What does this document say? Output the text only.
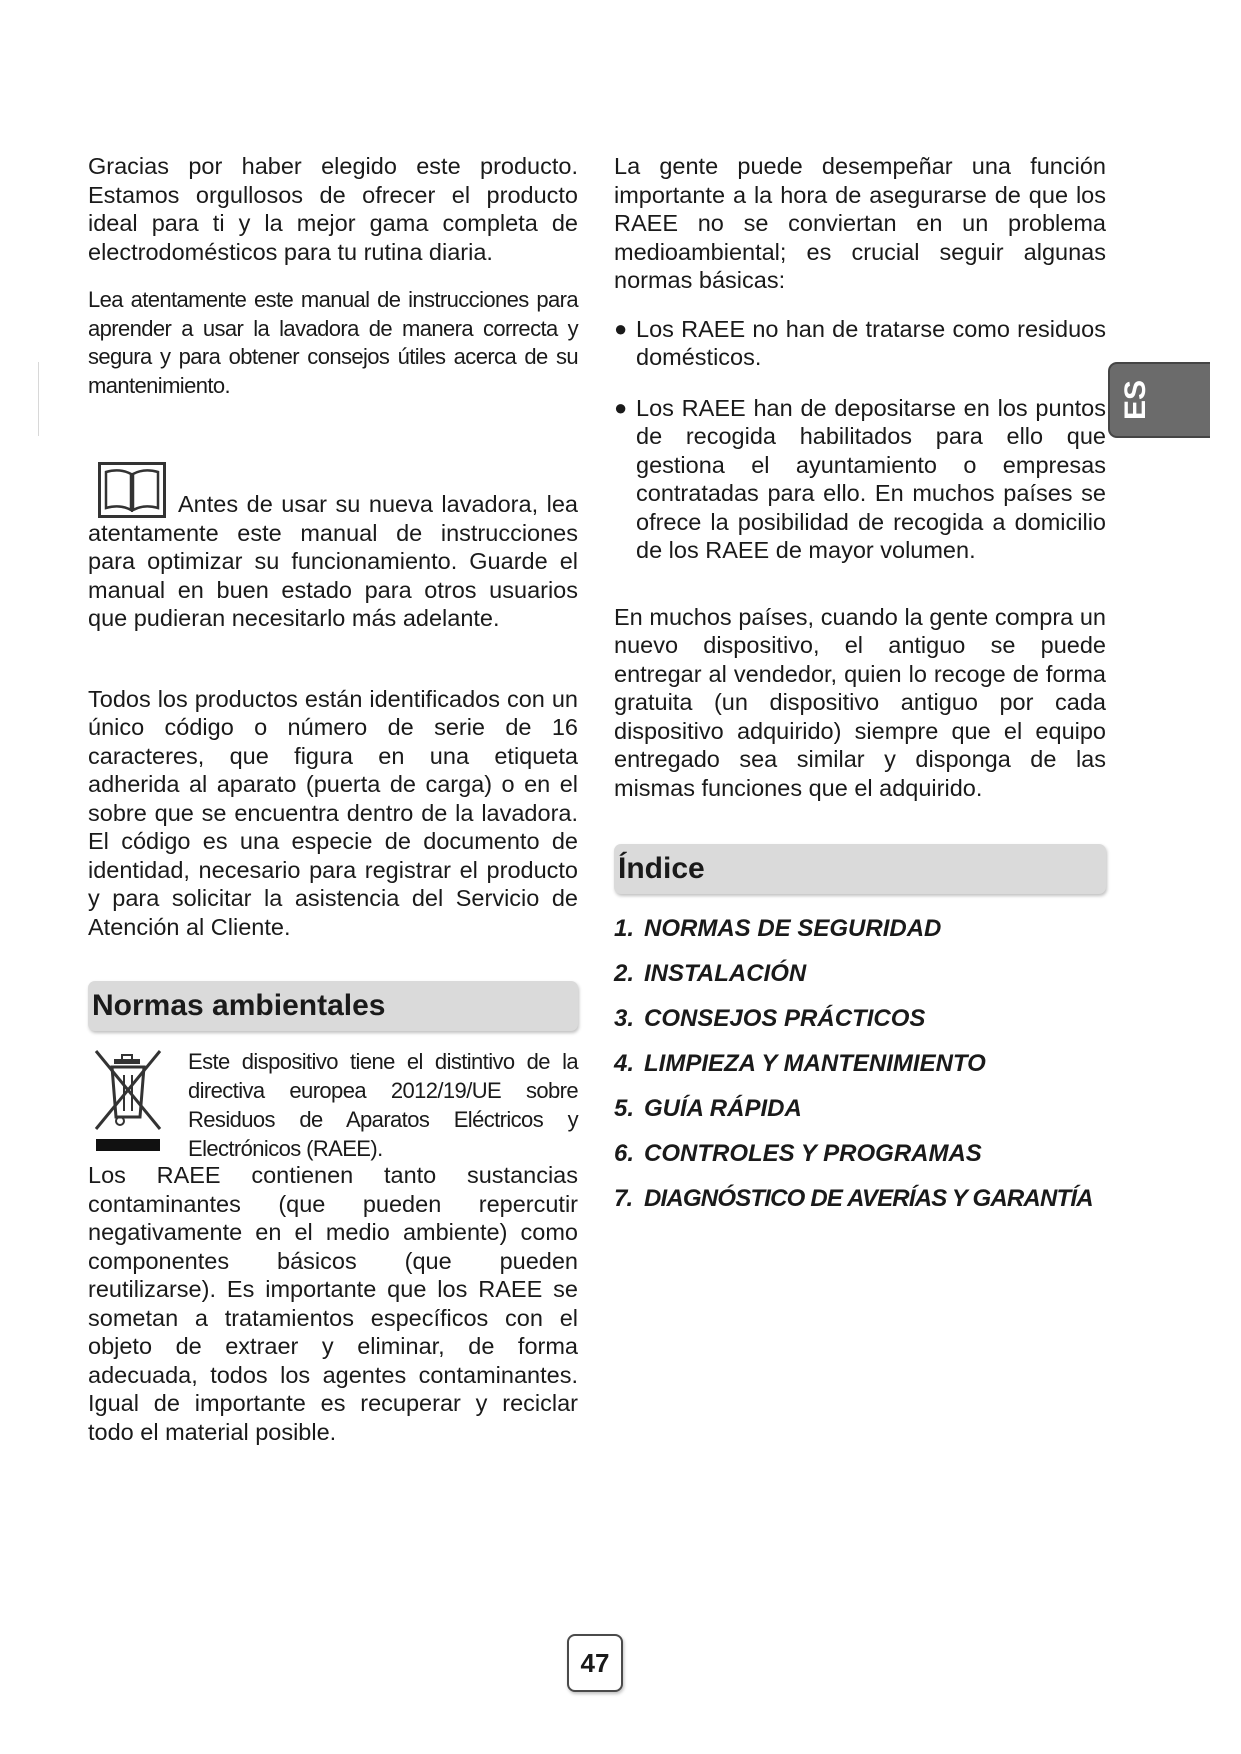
Gracias por haber elegido este producto. Estamos orgullosos de ofrecer el producto ideal para ti y la mejor gama completa de electrodomésticos para tu rutina diaria.

Lea atentamente este manual de instrucciones para aprender a usar la lavadora de manera correcta y segura y para obtener consejos útiles acerca de su mantenimiento.

Antes de usar su nueva lavadora, lea atentamente este manual de instrucciones para optimizar su funcionamiento. Guarde el manual en buen estado para otros usuarios que pudieran necesitarlo más adelante.

Todos los productos están identificados con un único código o número de serie de 16 caracteres, que figura en una etiqueta adherida al aparato (puerta de carga) o en el sobre que se encuentra dentro de la lavadora. El código es una especie de documento de identidad, necesario para registrar el producto y para solicitar la asistencia del Servicio de Atención al Cliente.

Normas ambientales

Este dispositivo tiene el distintivo de la directiva europea 2012/19/UE sobre Residuos de Aparatos Eléctricos y Electrónicos (RAEE).

Los RAEE contienen tanto sustancias contaminantes (que pueden repercutir negativamente en el medio ambiente) como componentes básicos (que pueden reutilizarse). Es importante que los RAEE se sometan a tratamientos específicos con el objeto de extraer y eliminar, de forma adecuada, todos los agentes contaminantes. Igual de importante es recuperar y reciclar todo el material posible.

La gente puede desempeñar una función importante a la hora de asegurarse de que los RAEE no se conviertan en un problema medioambiental; es crucial seguir algunas normas básicas:

● Los RAEE no han de tratarse como residuos domésticos.

● Los RAEE han de depositarse en los puntos de recogida habilitados para ello que gestiona el ayuntamiento o empresas contratadas para ello. En muchos países se ofrece la posibilidad de recogida a domicilio de los RAEE de mayor volumen.

En muchos países, cuando la gente compra un nuevo dispositivo, el antiguo se puede entregar al vendedor, quien lo recoge de forma gratuita (un dispositivo antiguo por cada dispositivo adquirido) siempre que el equipo entregado sea similar y disponga de las mismas funciones que el adquirido.

Índice
1. NORMAS DE SEGURIDAD
2. INSTALACIÓN
3. CONSEJOS PRÁCTICOS
4. LIMPIEZA Y MANTENIMIENTO
5. GUÍA RÁPIDA
6. CONTROLES Y PROGRAMAS
7. DIAGNÓSTICO DE AVERÍAS Y GARANTÍA
ES
47
